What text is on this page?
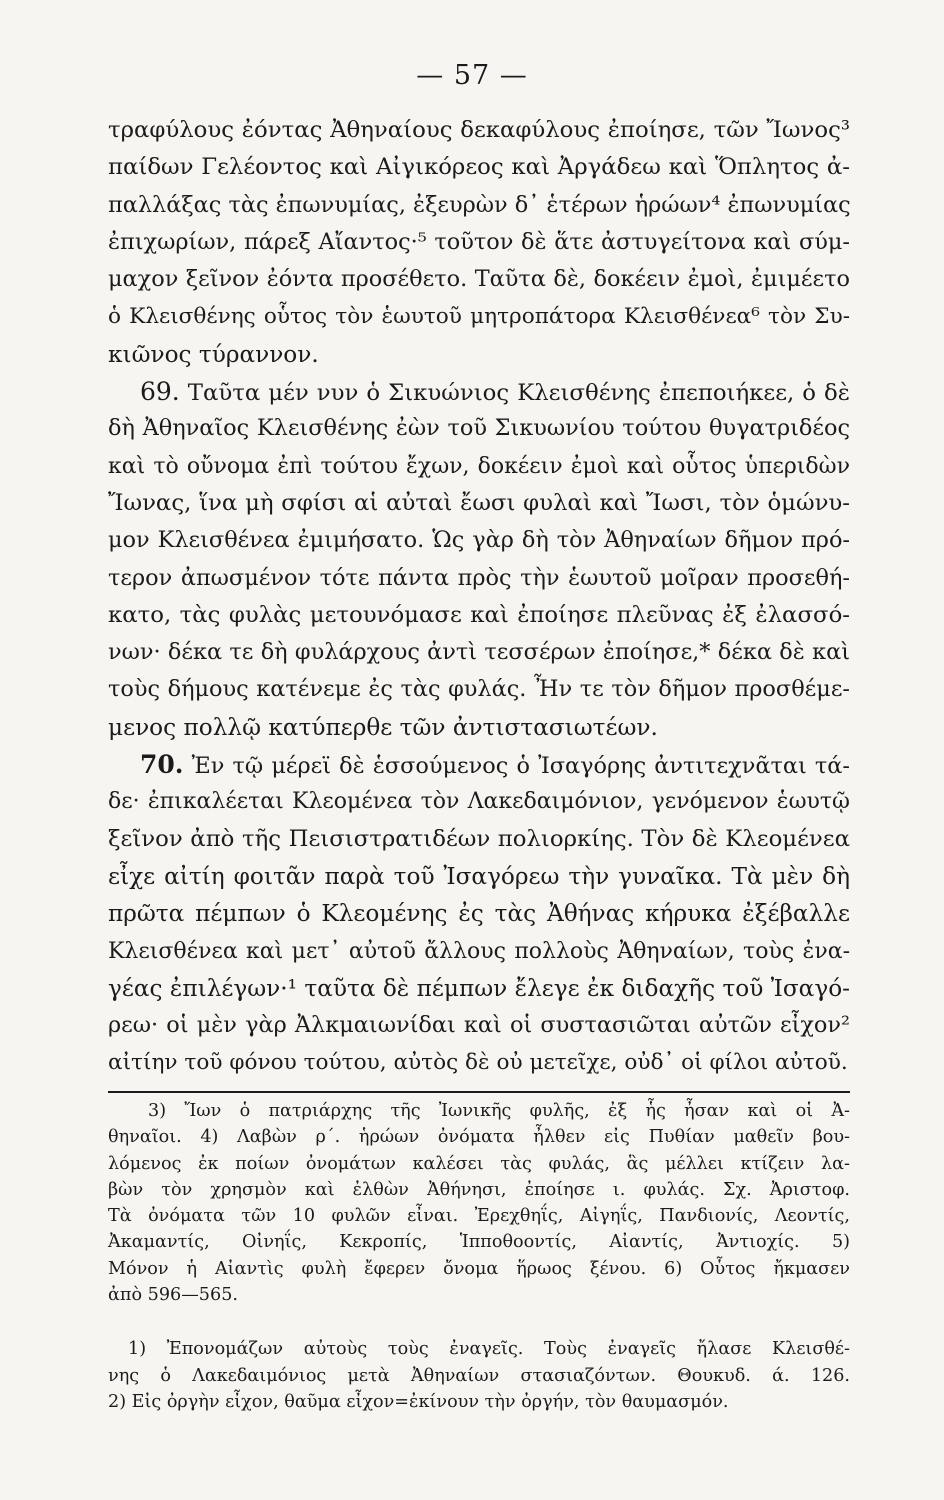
— 57 —
τραφύλους ἐόντας Ἀθηναίους δεκαφύλους ἐποίησε, τῶν Ἴωνος³
παίδων Γελέοντος καὶ Αἰγικόρεος καὶ Ἀργάδεω καὶ Ὅπλητος ἀ-
παλλάξας τὰς ἐπωνυμίας, ἐξευρὼν δ᾽ ἑτέρων ἡρώων⁴ ἐπωνυμίας
ἐπιχωρίων, πάρεξ Αἴαντος·⁵ τοῦτον δὲ ἅτε ἀστυγείτονα καὶ σύμ-
μαχον ξεῖνον ἐόντα προσέθετο. Ταῦτα δὲ, δοκέειν ἐμοὶ, ἐμιμέετο
ὁ Κλεισθένης οὗτος τὸν ἑωυτοῦ μητροπάτορα Κλεισθένεα⁶ τὸν Συ-
κιῶνος τύραννον.
69. Ταῦτα μέν νυν ὁ Σικυώνιος Κλεισθένης ἐπεποιήκεε, ὁ δὲ
δὴ Ἀθηναῖος Κλεισθένης ἐὼν τοῦ Σικυωνίου τούτου θυγατριδέος
καὶ τὸ οὔνομα ἐπὶ τούτου ἔχων, δοκέειν ἐμοὶ καὶ οὗτος ὑπεριδὼν
Ἴωνας, ἵνα μὴ σφίσι αἱ αὐταὶ ἔωσι φυλαὶ καὶ Ἴωσι, τὸν ὁμώνυ-
μον Κλεισθένεα ἐμιμήσατο. Ὡς γὰρ δὴ τὸν Ἀθηναίων δῆμον πρό-
τερον ἀπωσμένον τότε πάντα πρὸς τὴν ἑωυτοῦ μοῖραν προσεθή-
κατο, τὰς φυλὰς μετουνόμασε καὶ ἐποίησε πλεῦνας ἐξ ἐλασσό-
νων· δέκα τε δὴ φυλάρχους ἀντὶ τεσσέρων ἐποίησε,* δέκα δὲ καὶ
τοὺς δήμους κατένεμε ἐς τὰς φυλάς. Ἦν τε τὸν δῆμον προσθέμε-
μενος πολλῷ κατύπερθε τῶν ἀντιστασιωτέων.
70. Ἐν τῷ μέρεϊ δὲ ἑσσούμενος ὁ Ἰσαγόρης ἀντιτεχνᾶται τά-
δε· ἐπικαλέεται Κλεομένεα τὸν Λακεδαιμόνιον, γενόμενον ἑωυτῷ
ξεῖνον ἀπὸ τῆς Πεισιστρατιδέων πολιορκίης. Τὸν δὲ Κλεομένεα
εἶχε αἰτίη φοιτᾶν παρὰ τοῦ Ἰσαγόρεω τὴν γυναῖκα. Τὰ μὲν δὴ
πρῶτα πέμπων ὁ Κλεομένης ἐς τὰς Ἀθήνας κήρυκα ἐξέβαλλε
Κλεισθένεα καὶ μετ᾽ αὐτοῦ ἄλλους πολλοὺς Ἀθηναίων, τοὺς ἐνα-
γέας ἐπιλέγων·¹ ταῦτα δὲ πέμπων ἔλεγε ἐκ διδαχῆς τοῦ Ἰσαγό-
ρεω· οἱ μὲν γὰρ Ἀλκμαιωνίδαι καὶ οἱ συστασιῶται αὐτῶν εἶχον²
αἰτίην τοῦ φόνου τούτου, αὐτὸς δὲ οὐ μετεῖχε, οὐδ᾽ οἱ φίλοι αὐτοῦ.
3) Ἴων ὁ πατριάρχης τῆς Ἰωνικῆς φυλῆς, ἐξ ἧς ἦσαν καὶ οἱ Ἀ-
θηναῖοι. 4) Λαβὼν ρ΄. ἡρώων ὀνόματα ἦλθεν εἰς Πυθίαν μαθεῖν βου-
λόμενος ἐκ ποίων ὀνομάτων καλέσει τὰς φυλάς, ἃς μέλλει κτίζειν λα-
βὼν τὸν χρησμὸν καὶ ἐλθὼν Ἀθήνησι, ἐποίησε ι. φυλάς. Σχ. Ἀριστοφ.
Τὰ ὀνόματα τῶν 10 φυλῶν εἶναι. Ἐρεχθηΐς, Αἰγηΐς, Πανδιονίς, Λεοντίς,
Ἀκαμαντίς, Οἰνηΐς, Κεκροπίς, Ἱπποθοοντίς, Αἰαντίς, Ἀντιοχίς. 5)
Μόνον ἡ Αἰαντὶς φυλὴ ἔφερεν ὄνομα ἥρωος ξένου. 6) Οὗτος ἤκμασεν
ἀπὸ 596—565.
1) Ἐπονομάζων αὐτοὺς τοὺς ἐναγεῖς. Τοὺς ἐναγεῖς ἤλασε Κλεισθέ-
νης ὁ Λακεδαιμόνιος μετὰ Ἀθηναίων στασιαζόντων. Θουκυδ. ά. 126.
2) Εἰς ὀργὴν εἶχον, θαῦμα εἶχον=ἐκίνουν τὴν ὀργήν, τὸν θαυμασμόν.
